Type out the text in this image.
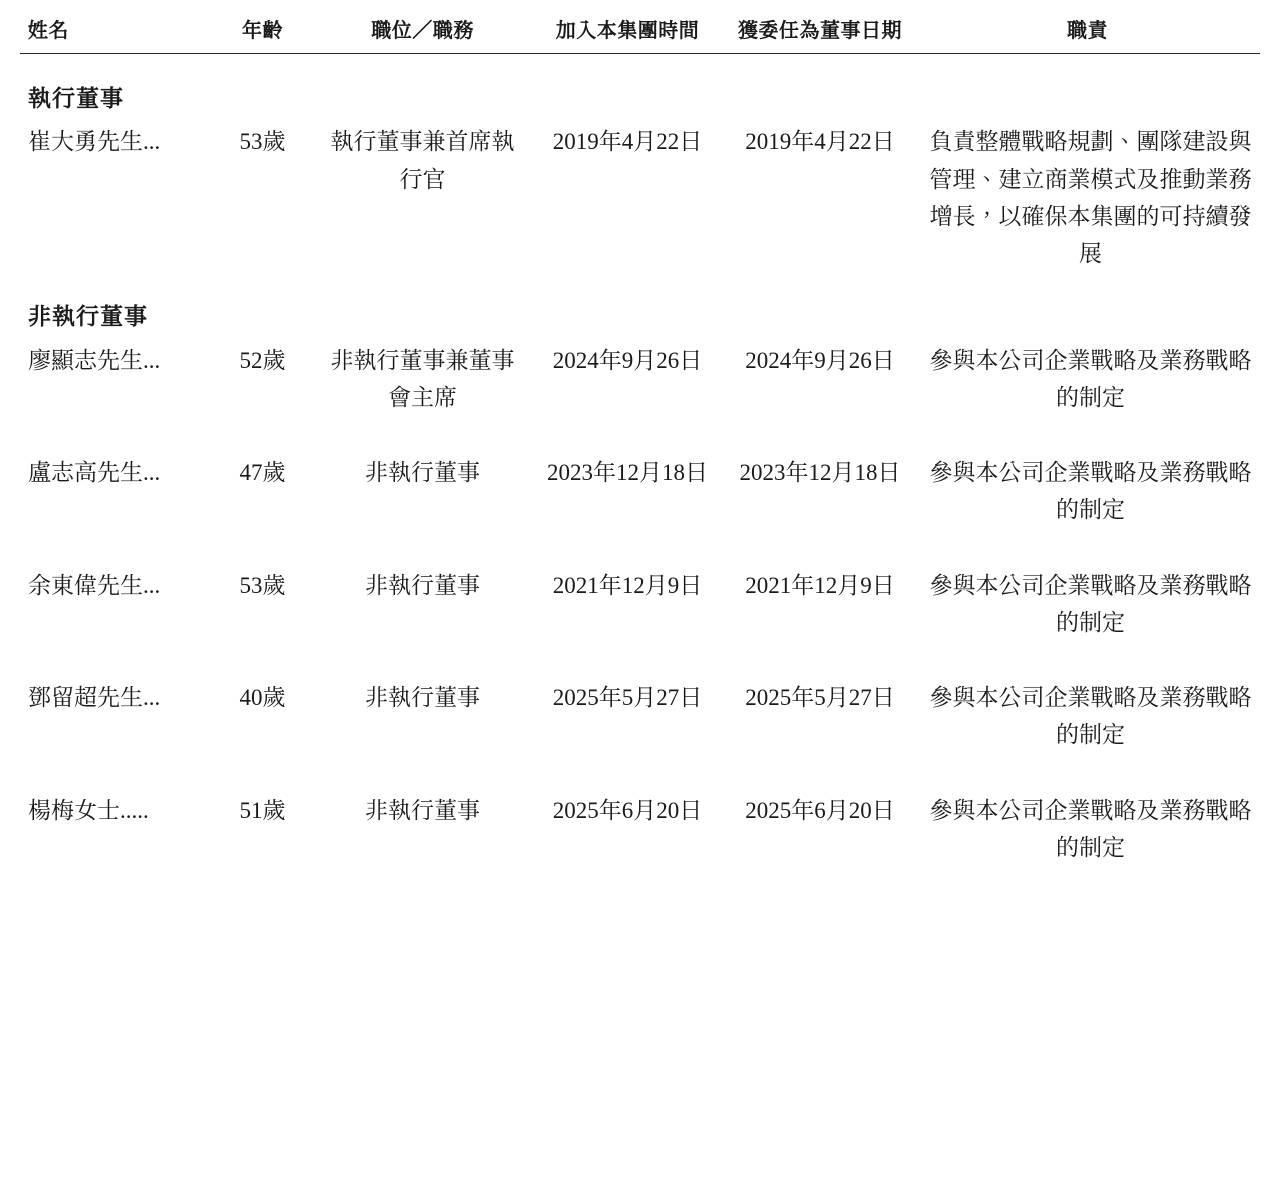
姓名	年齡	職位／職務	加入本集團時間	獲委任為董事日期	職責
執行董事					
崔大勇先生...	53歲	執行董事兼首席執行官	2019年4月22日	2019年4月22日	負責整體戰略規劃、團隊建設與管理、建立商業模式及推動業務增長，以確保本集團的可持續發展
非執行董事					
廖顯志先生...	52歲	非執行董事兼董事會主席	2024年9月26日	2024年9月26日	參與本公司企業戰略及業務戰略的制定

盧志高先生...	47歲	非執行董事	2023年12月18日	2023年12月18日	參與本公司企業戰略及業務戰略的制定

余東偉先生...	53歲	非執行董事	2021年12月9日	2021年12月9日	參與本公司企業戰略及業務戰略的制定

鄧留超先生...	40歲	非執行董事	2025年5月27日	2025年5月27日	參與本公司企業戰略及業務戰略的制定

楊梅女士.....	51歲	非執行董事	2025年6月20日	2025年6月20日	參與本公司企業戰略及業務戰略的制定
